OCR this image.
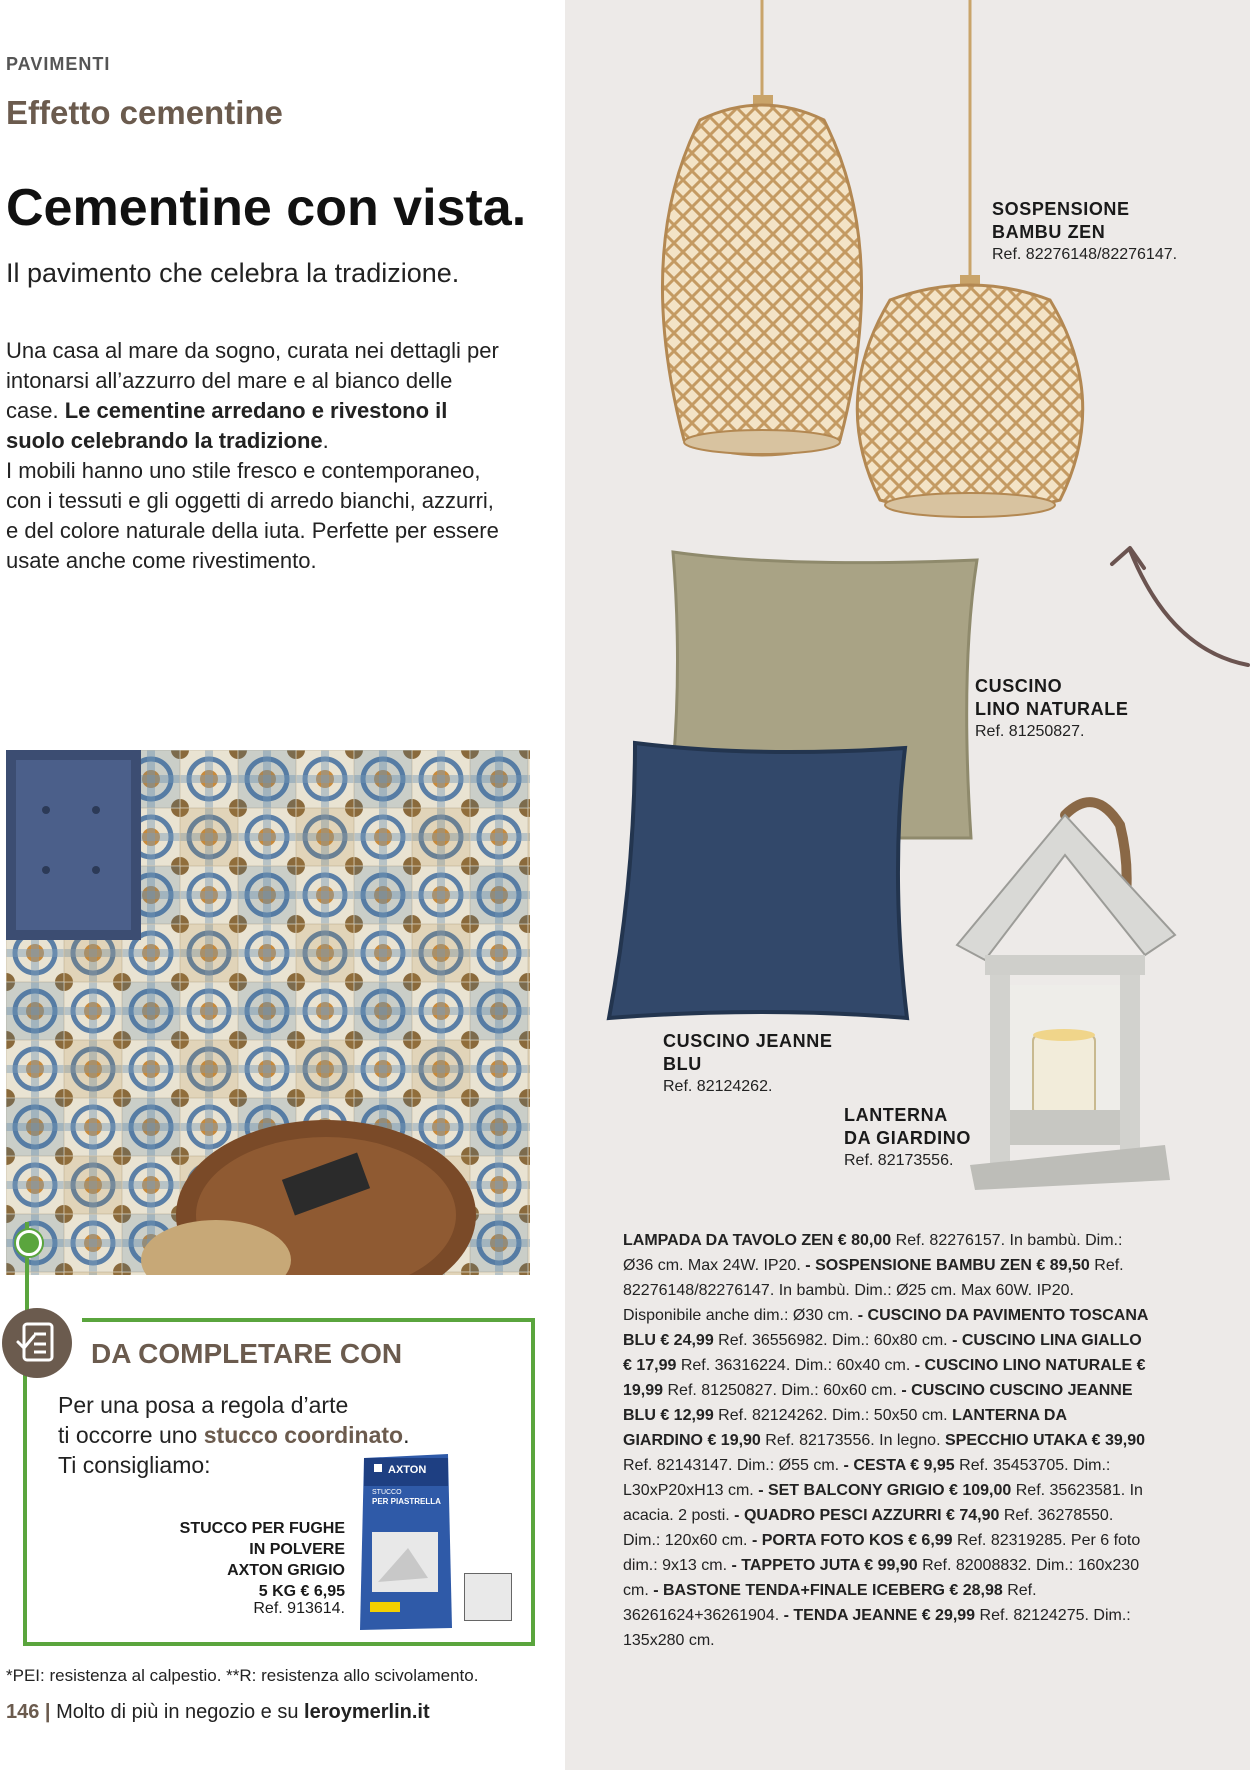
PAVIMENTI
Effetto cementine
Cementine con vista.
Il pavimento che celebra la tradizione.
Una casa al mare da sogno, curata nei dettagli per intonarsi all’azzurro del mare e al bianco delle case. Le cementine arredano e rivestono il suolo celebrando la tradizione.
I mobili hanno uno stile fresco e contemporaneo, con i tessuti e gli oggetti di arredo bianchi, azzurri, e del colore naturale della iuta. Perfette per essere usate anche come rivestimento.
SOSPENSIONE
BAMBU ZEN
Ref. 82276148/82276147.
CUSCINO
LINO NATURALE
Ref. 81250827.
CUSCINO JEANNE
BLU
Ref. 82124262.
LANTERNA
DA GIARDINO
Ref. 82173556.
LAMPADA DA TAVOLO ZEN € 80,00 Ref. 82276157. In bambù. Dim.: Ø36 cm. Max 24W. IP20. - SOSPENSIONE BAMBU ZEN € 89,50 Ref. 82276148/82276147. In bambù. Dim.: Ø25 cm. Max 60W. IP20. Disponibile anche dim.: Ø30 cm. - CUSCINO DA PAVIMENTO TOSCANA BLU € 24,99 Ref. 36556982. Dim.: 60x80 cm. - CUSCINO LINA GIALLO € 17,99 Ref. 36316224. Dim.: 60x40 cm. - CUSCINO LINO NATURALE € 19,99 Ref. 81250827. Dim.: 60x60 cm. - CUSCINO CUSCINO JEANNE BLU € 12,99 Ref. 82124262. Dim.: 50x50 cm. LANTERNA DA GIARDINO € 19,90 Ref. 82173556. In legno. SPECCHIO UTAKA € 39,90 Ref. 82143147. Dim.: Ø55 cm. - CESTA € 9,95 Ref. 35453705. Dim.: L30xP20xH13 cm. - SET BALCONY GRIGIO € 109,00 Ref. 35623581. In acacia. 2 posti. - QUADRO PESCI AZZURRI € 74,90 Ref. 36278550. Dim.: 120x60 cm. - PORTA FOTO KOS € 6,99 Ref. 82319285. Per 6 foto dim.: 9x13 cm. - TAPPETO JUTA € 99,90 Ref. 82008832. Dim.: 160x230 cm. - BASTONE TENDA+FINALE ICEBERG € 28,98 Ref. 36261624+36261904. - TENDA JEANNE € 29,99 Ref. 82124275. Dim.: 135x280 cm.
DA COMPLETARE CON
Per una posa a regola d’arte
ti occorre uno stucco coordinato.
Ti consigliamo:
STUCCO PER FUGHE
IN POLVERE
AXTON GRIGIO
5 KG € 6,95
Ref. 913614.
AXTON
STUCCO
PER PIASTRELLA
*PEI: resistenza al calpestio. **R: resistenza allo scivolamento.
146 | Molto di più in negozio e su leroymerlin.it
